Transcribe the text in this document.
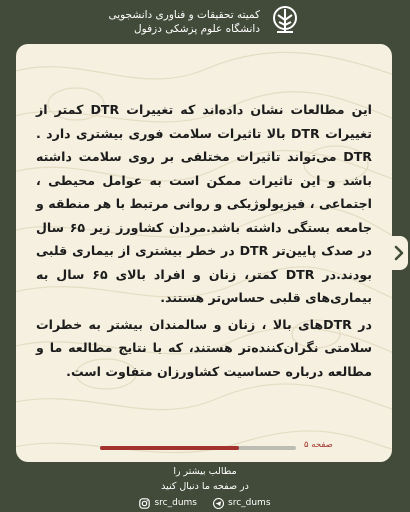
کمیته تحقیقات و فناوری دانشجویی
دانشگاه علوم پزشکی دزفول

این مطالعات نشان داده‌اند که تغییرات DTR کمتر از تغییرات DTR بالا تاثیرات سلامت فوری بیشتری دارد . DTR می‌تواند تاثیرات مختلفی بر روی سلامت داشته باشد و این تاثیرات ممکن است به عوامل محیطی ، اجتماعی ، فیزیولوژیکی و روانی مرتبط با هر منطقه و جامعه بستگی داشته باشد.مردان کشاورز زیر ۶۵ سال در صدک پایین‌تر DTR در خطر بیشتری از بیماری قلبی بودند.در DTR کمتر، زنان و افراد بالای ۶۵ سال به بیماری‌های قلبی حساس‌تر هستند.

در DTRهای بالا ، زنان و سالمندان بیشتر به خطرات سلامتی نگران‌کننده‌تر هستند، که با نتایج مطالعه ما و مطالعه درباره حساسیت کشاورزان متفاوت است.

صفحه ۵
مطالب بیشتر را
در صفحه ما دنبال کنید
src_dums	src_dums
